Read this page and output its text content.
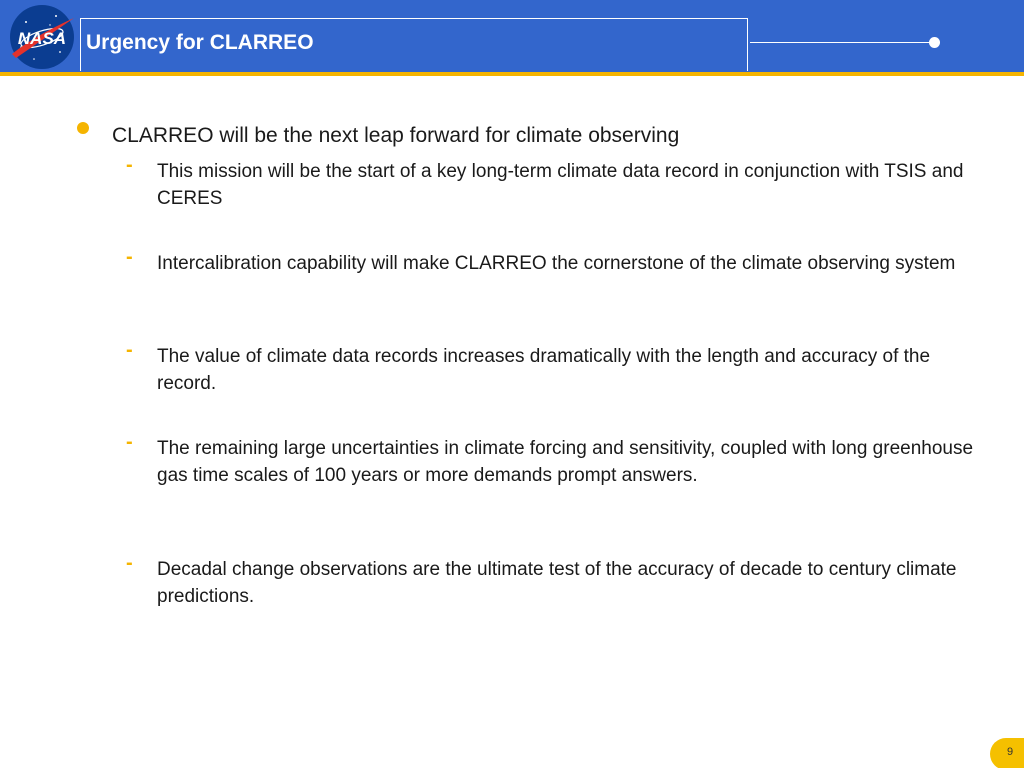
NASA Urgency for CLARREO
CLARREO will be the next leap forward for climate observing
- This mission will be the start of a key long-term climate data record in conjunction with TSIS and CERES
- Intercalibration capability will make CLARREO the cornerstone of the climate observing system
- The value of climate data records increases dramatically with the length and accuracy of the record.
- The remaining large uncertainties in climate forcing and sensitivity, coupled with long greenhouse gas time scales of 100 years or more demands prompt answers.
- Decadal change observations are the ultimate test of the accuracy of decade to century climate predictions.
9
